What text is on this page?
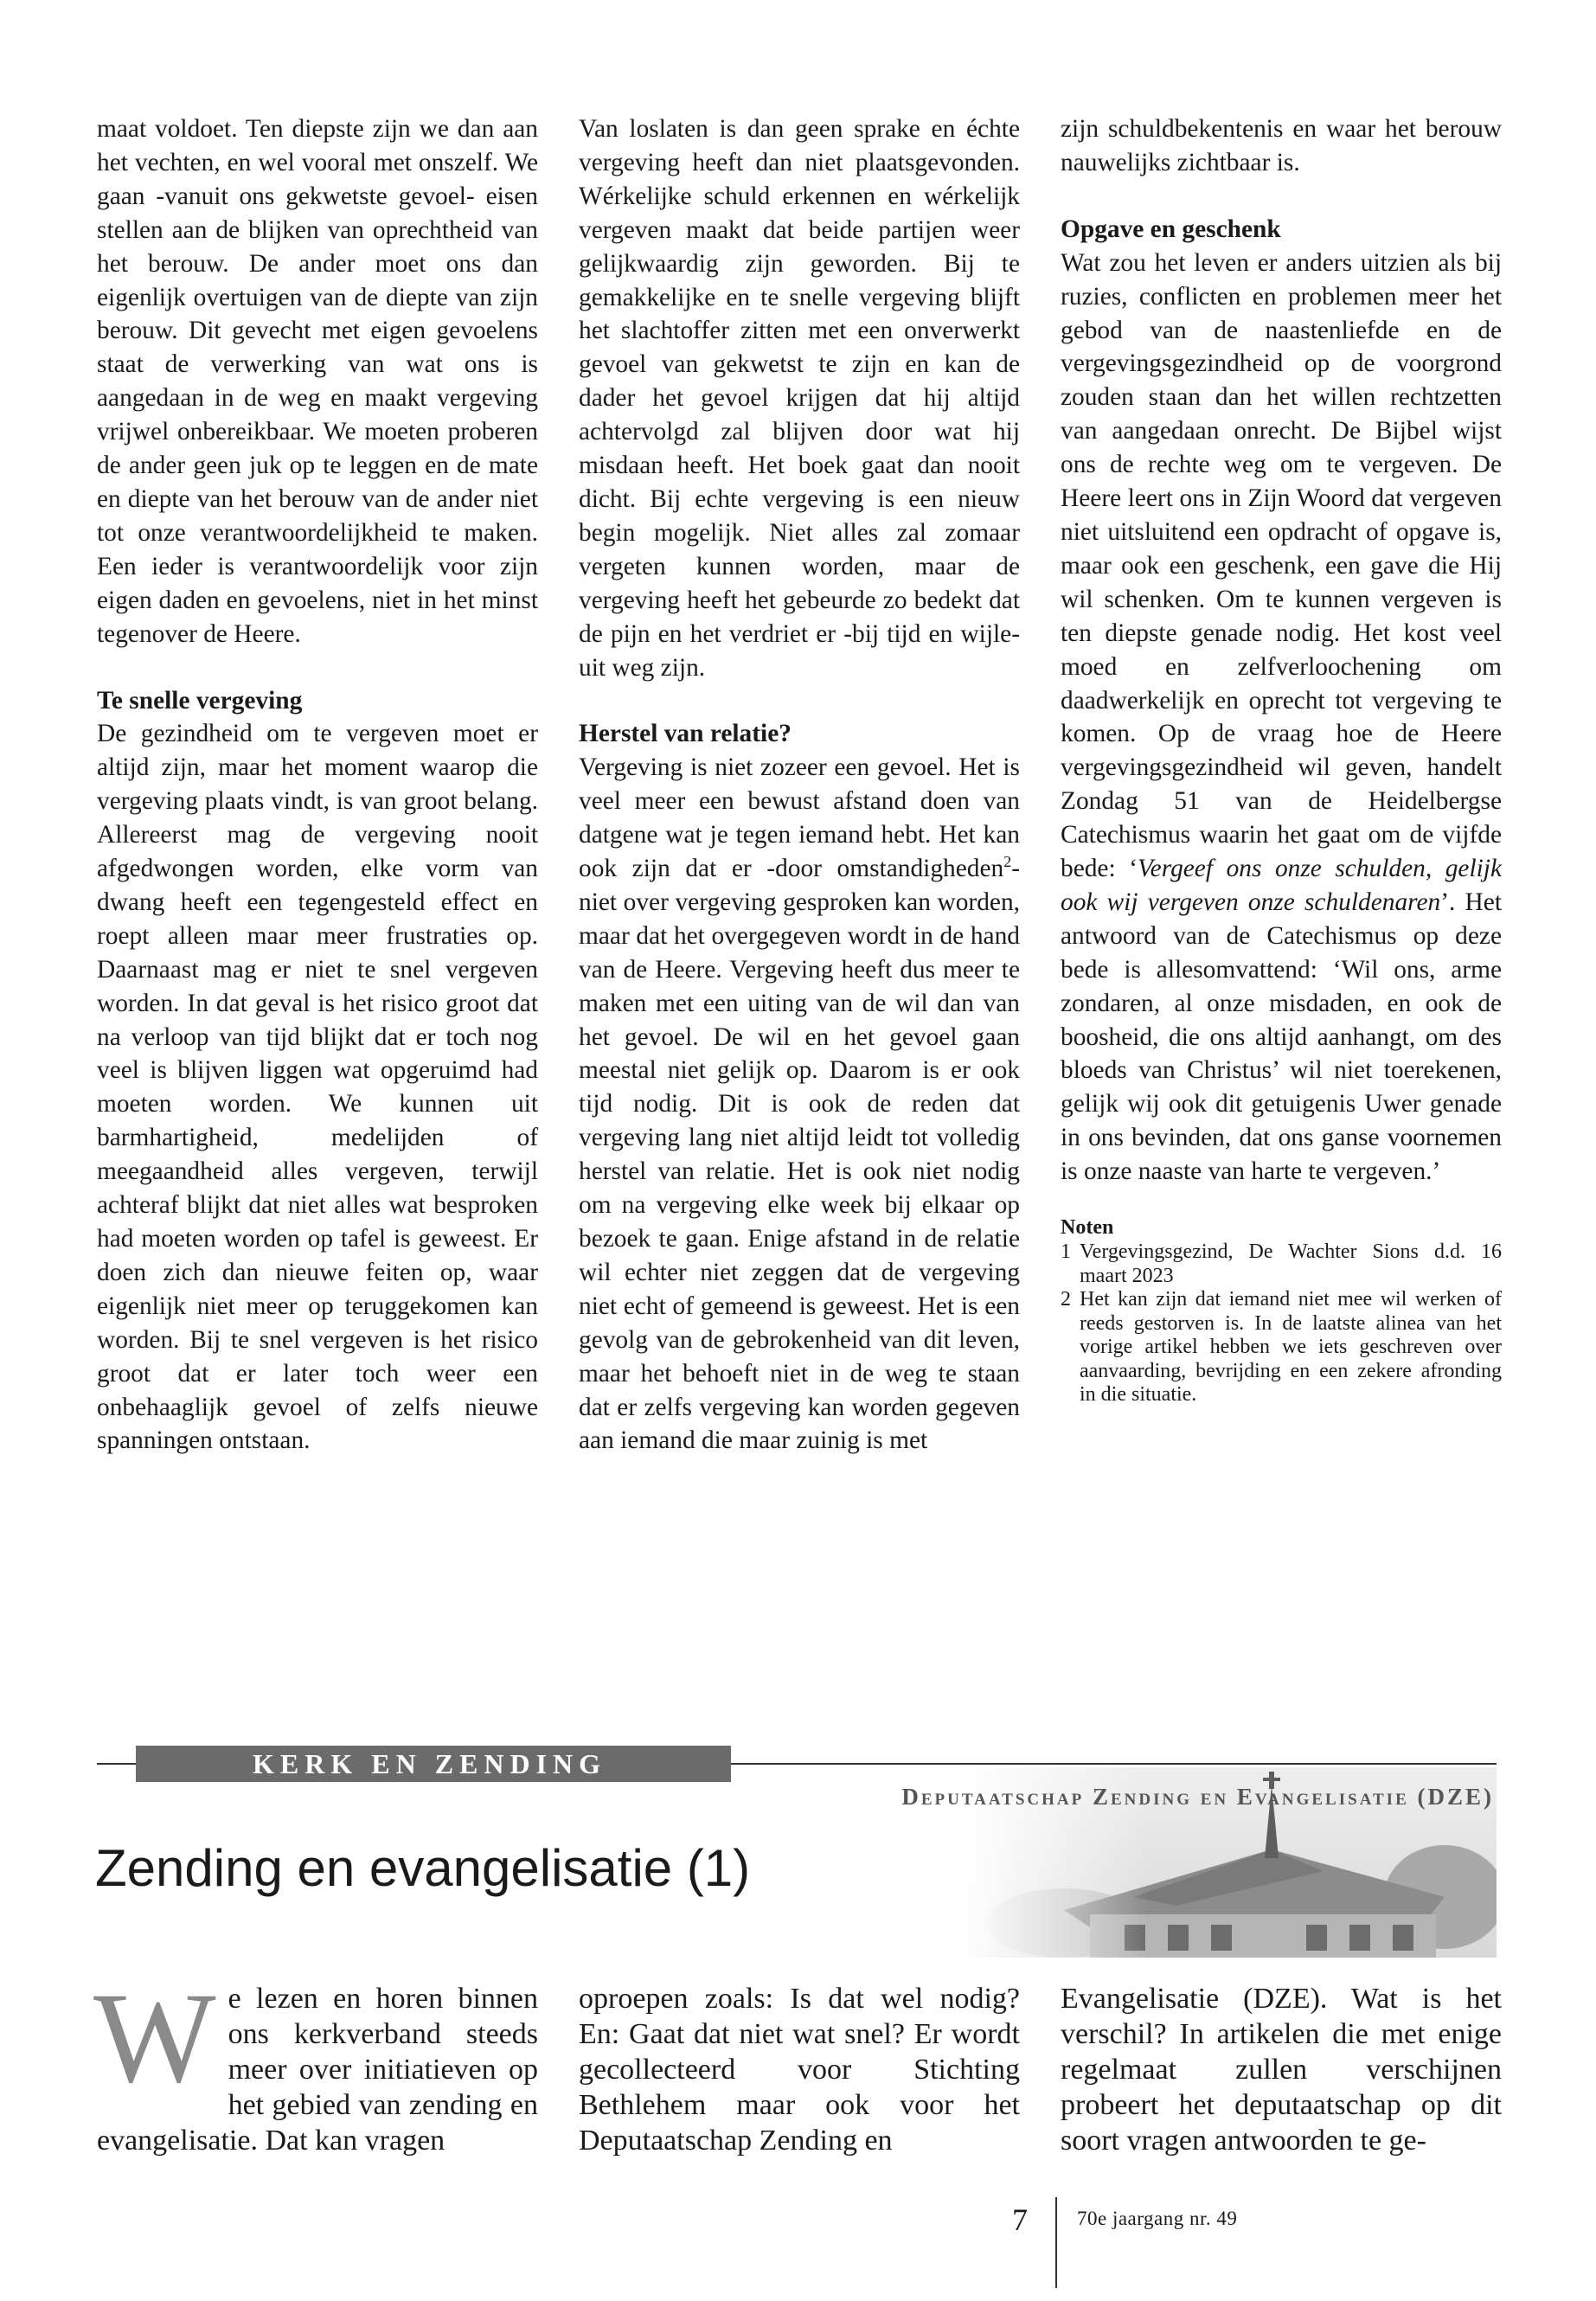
maat voldoet. Ten diepste zijn we dan aan het vechten, en wel vooral met onszelf. We gaan -vanuit ons gekwetste gevoel- eisen stellen aan de blijken van oprechtheid van het berouw. De ander moet ons dan eigenlijk overtuigen van de diepte van zijn berouw. Dit gevecht met eigen gevoelens staat de verwerking van wat ons is aangedaan in de weg en maakt vergeving vrijwel onbereikbaar. We moeten proberen de ander geen juk op te leggen en de mate en diepte van het berouw van de ander niet tot onze verantwoordelijkheid te maken. Een ieder is verantwoordelijk voor zijn eigen daden en gevoelens, niet in het minst tegenover de Heere.

Te snelle vergeving

De gezindheid om te vergeven moet er altijd zijn, maar het moment waarop die vergeving plaats vindt, is van groot belang. Allereerst mag de vergeving nooit afgedwongen worden, elke vorm van dwang heeft een tegengesteld effect en roept alleen maar meer frustraties op. Daarnaast mag er niet te snel vergeven worden. In dat geval is het risico groot dat na verloop van tijd blijkt dat er toch nog veel is blijven liggen wat opgeruimd had moeten worden. We kunnen uit barmhartigheid, medelijden of meegaandheid alles vergeven, terwijl achteraf blijkt dat niet alles wat besproken had moeten worden op tafel is geweest. Er doen zich dan nieuwe feiten op, waar eigenlijk niet meer op teruggekomen kan worden. Bij te snel vergeven is het risico groot dat er later toch weer een onbehaaglijk gevoel of zelfs nieuwe spanningen ontstaan.

Van loslaten is dan geen sprake en échte vergeving heeft dan niet plaatsgevonden. Wérkelijke schuld erkennen en wérkelijk vergeven maakt dat beide partijen weer gelijkwaardig zijn geworden. Bij te gemakkelijke en te snelle vergeving blijft het slachtoffer zitten met een onverwerkt gevoel van gekwetst te zijn en kan de dader het gevoel krijgen dat hij altijd achtervolgd zal blijven door wat hij misdaan heeft. Het boek gaat dan nooit dicht. Bij echte vergeving is een nieuw begin mogelijk. Niet alles zal zomaar vergeten kunnen worden, maar de vergeving heeft het gebeurde zo bedekt dat de pijn en het verdriet er -bij tijd en wijle- uit weg zijn.

Herstel van relatie?

Vergeving is niet zozeer een gevoel. Het is veel meer een bewust afstand doen van datgene wat je tegen iemand hebt. Het kan ook zijn dat er -door omstandigheden$^2$- niet over vergeving gesproken kan worden, maar dat het overgegeven wordt in de hand van de Heere. Vergeving heeft dus meer te maken met een uiting van de wil dan van het gevoel. De wil en het gevoel gaan meestal niet gelijk op. Daarom is er ook tijd nodig. Dit is ook de reden dat vergeving lang niet altijd leidt tot volledig herstel van relatie. Het is ook niet nodig om na vergeving elke week bij elkaar op bezoek te gaan. Enige afstand in de relatie wil echter niet zeggen dat de vergeving niet echt of gemeend is geweest. Het is een gevolg van de gebrokenheid van dit leven, maar het behoeft niet in de weg te staan dat er zelfs vergeving kan worden gegeven aan iemand die maar zuinig is met

zijn schuldbekentenis en waar het berouw nauwelijks zichtbaar is.

Opgave en geschenk

Wat zou het leven er anders uitzien als bij ruzies, conflicten en problemen meer het gebod van de naastenliefde en de vergevingsgezindheid op de voorgrond zouden staan dan het willen rechtzetten van aangedaan onrecht. De Bijbel wijst ons de rechte weg om te vergeven. De Heere leert ons in Zijn Woord dat vergeven niet uitsluitend een opdracht of opgave is, maar ook een geschenk, een gave die Hij wil schenken. Om te kunnen vergeven is ten diepste genade nodig. Het kost veel moed en zelfverloochening om daadwerkelijk en oprecht tot vergeving te komen. Op de vraag hoe de Heere vergevingsgezindheid wil geven, handelt Zondag 51 van de Heidelbergse Catechismus waarin het gaat om de vijfde bede: ‘Vergeef ons onze schulden, gelijk ook wij vergeven onze schuldenaren’. Het antwoord van de Catechismus op deze bede is allesomvattend: ‘Wil ons, arme zondaren, al onze misdaden, en ook de boosheid, die ons altijd aanhangt, om des bloeds van Christus’ wil niet toerekenen, gelijk wij ook dit getuigenis Uwer genade in ons bevinden, dat ons ganse voornemen is onze naaste van harte te vergeven.’

Noten
1 Vergevingsgezind, De Wachter Sions d.d. 16 maart 2023
2 Het kan zijn dat iemand niet mee wil werken of reeds gestorven is. In de laatste alinea van het vorige artikel hebben we iets geschreven over aanvaarding, bevrijding en een zekere afronding in die situatie.
KERK EN ZENDING
Deputaatschap Zending en Evangelisatie (DZE)
Zending en evangelisatie (1)

We lezen en horen binnen ons kerkverband steeds meer over initiatieven op het gebied van zending en evangelisatie. Dat kan vragen

oproepen zoals: Is dat wel nodig? En: Gaat dat niet wat snel? Er wordt gecollecteerd voor Stichting Bethlehem maar ook voor het Deputaatschap Zending en

Evangelisatie (DZE). Wat is het verschil? In artikelen die met enige regelmaat zullen verschijnen probeert het deputaatschap op dit soort vragen antwoorden te ge-

7 70e jaargang nr. 49
